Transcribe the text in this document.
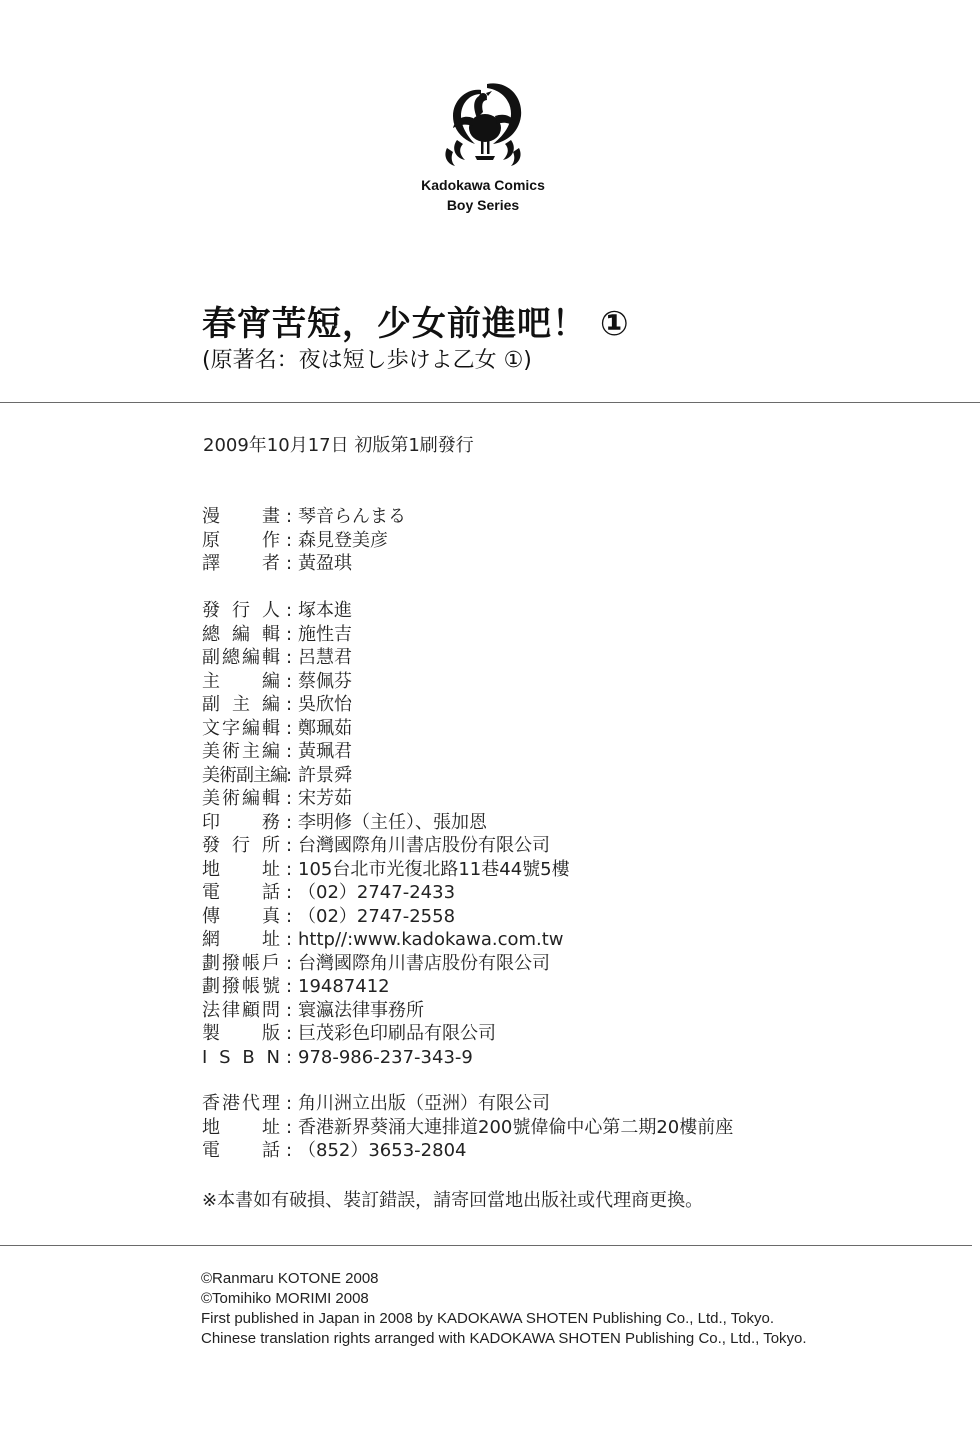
Kadokawa Comics
Boy Series
春宵苦短，少女前進吧！ ①
(原著名：夜は短し歩けよ乙女 ①)
2009年10月17日 初版第1刷發行
漫 畫 : 琴音らんまる
原 作 : 森見登美彦
譯 者 : 黃盈琪
發 行 人 : 塚本進
總 編 輯 : 施性吉
副 總 編 輯 : 呂慧君
主 編 : 蔡佩芬
副 主 編 : 吳欣怡
文 字 編 輯 : 鄭珮茹
美 術 主 編 : 黃珮君
美 術 副 主 編
: 許景舜
美 術 編 輯 : 宋芳茹
印 務 : 李明修（主任）、張加恩
發 行 所 : 台灣國際角川書店股份有限公司
地 址 : 105台北市光復北路11巷44號5樓
電 話 : （02）2747-2433
傳 真 : （02）2747-2558
網 址 : http//:www.kadokawa.com.tw
劃 撥 帳 戶 : 台灣國際角川書店股份有限公司
劃 撥 帳 號 : 19487412
法 律 顧 問 : 寰瀛法律事務所
製 版 : 巨茂彩色印刷品有限公司
I S B N : 978-986-237-343-9
香 港 代 理 : 角川洲立出版（亞洲）有限公司
地 址 : 香港新界葵涌大連排道200號偉倫中心第二期20樓前座
電 話 : （852）3653-2804
※本書如有破損、裝訂錯誤，請寄回當地出版社或代理商更換。
©Ranmaru KOTONE 2008
©Tomihiko MORIMI 2008
First published in Japan in 2008 by KADOKAWA SHOTEN Publishing Co., Ltd., Tokyo.
Chinese translation rights arranged with KADOKAWA SHOTEN Publishing Co., Ltd., Tokyo.
